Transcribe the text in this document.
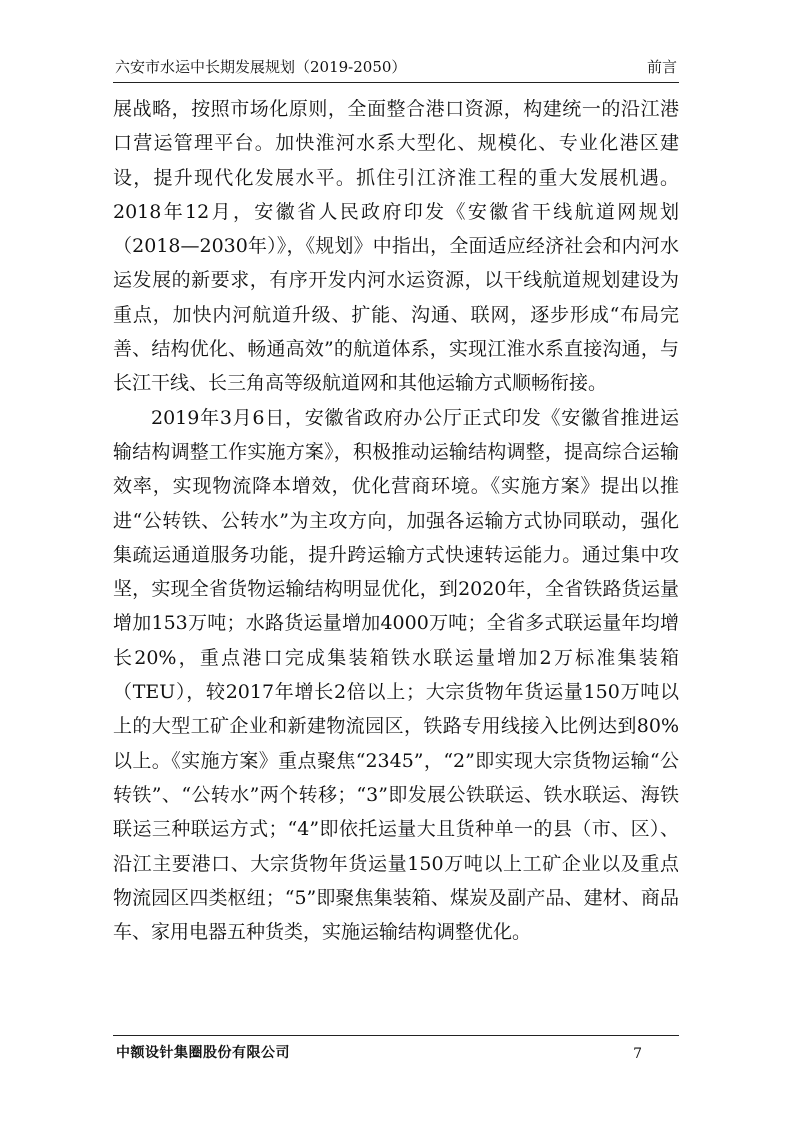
六安市水运中长期发展规划（2019-2050）	前言

展战略，按照市场化原则，全面整合港口资源，构建统一的沿江港口营运管理平台。加快淮河水系大型化、规模化、专业化港区建设，提升现代化发展水平。抓住引江济淮工程的重大发展机遇。2018年12月，安徽省人民政府印发《安徽省干线航道网规划（2018—2030年）》，《规划》中指出，全面适应经济社会和内河水运发展的新要求，有序开发内河水运资源，以干线航道规划建设为重点，加快内河航道升级、扩能、沟通、联网，逐步形成“布局完善、结构优化、畅通高效”的航道体系，实现江淮水系直接沟通，与长江干线、长三角高等级航道网和其他运输方式顺畅衔接。

2019年3月6日，安徽省政府办公厅正式印发《安徽省推进运输结构调整工作实施方案》，积极推动运输结构调整，提高综合运输效率，实现物流降本增效，优化营商环境。《实施方案》提出以推进“公转铁、公转水”为主攻方向，加强各运输方式协同联动，强化集疏运通道服务功能，提升跨运输方式快速转运能力。通过集中攻坚，实现全省货物运输结构明显优化，到2020年，全省铁路货运量增加153万吨；水路货运量增加4000万吨；全省多式联运量年均增长20%，重点港口完成集装箱铁水联运量增加2万标准集装箱（TEU），较2017年增长2倍以上；大宗货物年货运量150万吨以上的大型工矿企业和新建物流园区，铁路专用线接入比例达到80%以上。《实施方案》重点聚焦“2345”，“2”即实现大宗货物运输“公转铁”、“公转水”两个转移；“3”即发展公铁联运、铁水联运、海铁联运三种联运方式；“4”即依托运量大且货种单一的县（市、区）、沿江主要港口、大宗货物年货运量150万吨以上工矿企业以及重点物流园区四类枢纽；“5”即聚焦集装箱、煤炭及副产品、建材、商品车、家用电器五种货类，实施运输结构调整优化。

中额设针集圈股份有限公司	7
